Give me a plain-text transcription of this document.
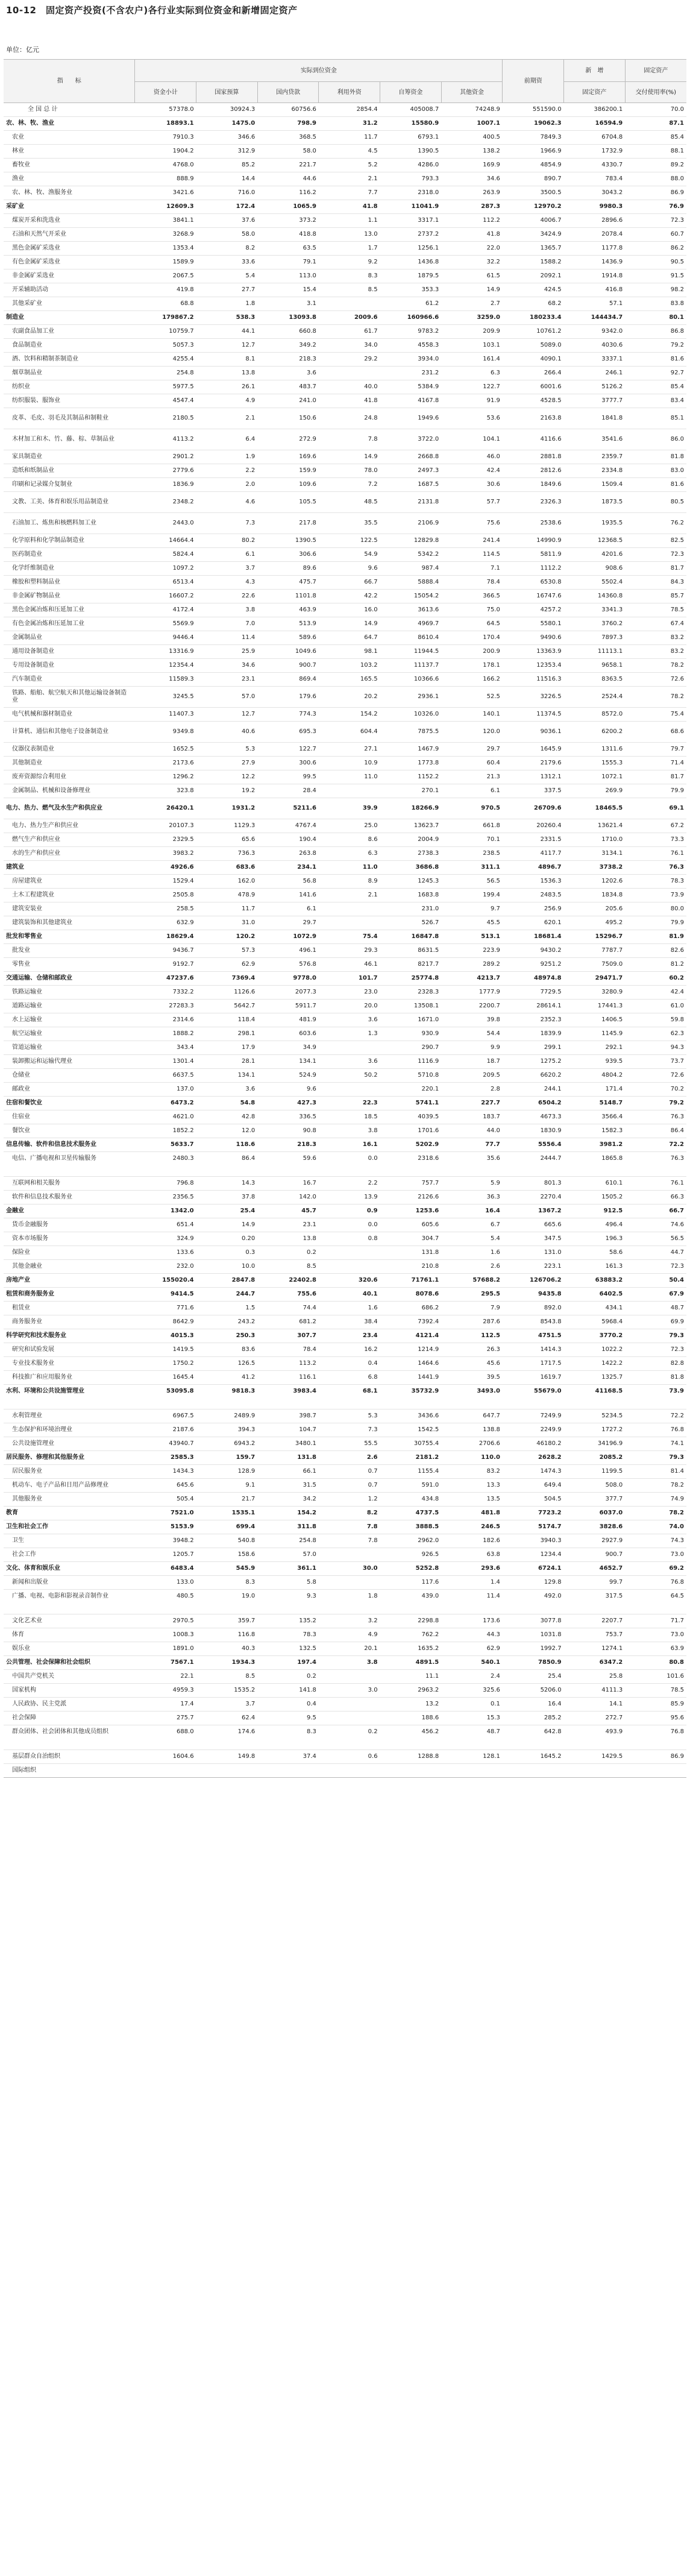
10-12　固定资产投资(不含农户)各行业实际到位资金和新增固定资产
单位：亿元
指　　标	实际到位资金						前期资	新　增	固定资产
	资金小计	国家预算	国内贷款	利用外资	自筹资金	其他资金		固定资产	交付使用率(%)
全 国 总 计	57378.0	30924.3	60756.6	2854.4	405008.7	74248.9	551590.0	386200.1	70.0
农、林、牧、渔业	18893.1	1475.0	798.9	31.2	15580.9	1007.1	19062.3	16594.9	87.1
农业	7910.3	346.6	368.5	11.7	6793.1	400.5	7849.3	6704.8	85.4
林业	1904.2	312.9	58.0	4.5	1390.5	138.2	1966.9	1732.9	88.1
畜牧业	4768.0	85.2	221.7	5.2	4286.0	169.9	4854.9	4330.7	89.2
渔业	888.9	14.4	44.6	2.1	793.3	34.6	890.7	783.4	88.0
农、林、牧、渔服务业	3421.6	716.0	116.2	7.7	2318.0	263.9	3500.5	3043.2	86.9
采矿业	12609.3	172.4	1065.9	41.8	11041.9	287.3	12970.2	9980.3	76.9
煤炭开采和洗选业	3841.1	37.6	373.2	1.1	3317.1	112.2	4006.7	2896.6	72.3
石油和天然气开采业	3268.9	58.0	418.8	13.0	2737.2	41.8	3424.9	2078.4	60.7
黑色金属矿采选业	1353.4	8.2	63.5	1.7	1256.1	22.0	1365.7	1177.8	86.2
有色金属矿采选业	1589.9	33.6	79.1	9.2	1436.8	32.2	1588.2	1436.9	90.5
非金属矿采选业	2067.5	5.4	113.0	8.3	1879.5	61.5	2092.1	1914.8	91.5
开采辅助活动	419.8	27.7	15.4	8.5	353.3	14.9	424.5	416.8	98.2
其他采矿业	68.8	1.8	3.1		61.2	2.7	68.2	57.1	83.8
制造业	179867.2	538.3	13093.8	2009.6	160966.6	3259.0	180233.4	144434.7	80.1
农副食品加工业	10759.7	44.1	660.8	61.7	9783.2	209.9	10761.2	9342.0	86.8
食品制造业	5057.3	12.7	349.2	34.0	4558.3	103.1	5089.0	4030.6	79.2
酒、饮料和精制茶制造业	4255.4	8.1	218.3	29.2	3934.0	161.4	4090.1	3337.1	81.6
烟草制品业	254.8	13.8	3.6		231.2	6.3	266.4	246.1	92.7
纺织业	5977.5	26.1	483.7	40.0	5384.9	122.7	6001.6	5126.2	85.4
纺织服装、服饰业	4547.4	4.9	241.0	41.8	4167.8	91.9	4528.5	3777.7	83.4
皮革、毛皮、羽毛及其制品和制鞋业	2180.5	2.1	150.6	24.8	1949.6	53.6	2163.8	1841.8	85.1
木材加工和木、竹、藤、棕、草制品业	4113.2	6.4	272.9	7.8	3722.0	104.1	4116.6	3541.6	86.0
家具制造业	2901.2	1.9	169.6	14.9	2668.8	46.0	2881.8	2359.7	81.8
造纸和纸制品业	2779.6	2.2	159.9	78.0	2497.3	42.4	2812.6	2334.8	83.0
印刷和记录媒介复制业	1836.9	2.0	109.6	7.2	1687.5	30.6	1849.6	1509.4	81.6
文教、工美、体育和娱乐用品制造业	2348.2	4.6	105.5	48.5	2131.8	57.7	2326.3	1873.5	80.5
石油加工、炼焦和核燃料加工业	2443.0	7.3	217.8	35.5	2106.9	75.6	2538.6	1935.5	76.2
化学原料和化学制品制造业	14664.4	80.2	1390.5	122.5	12829.8	241.4	14990.9	12368.5	82.5
医药制造业	5824.4	6.1	306.6	54.9	5342.2	114.5	5811.9	4201.6	72.3
化学纤维制造业	1097.2	3.7	89.6	9.6	987.4	7.1	1112.2	908.6	81.7
橡胶和塑料制品业	6513.4	4.3	475.7	66.7	5888.4	78.4	6530.8	5502.4	84.3
非金属矿物制品业	16607.2	22.6	1101.8	42.2	15054.2	366.5	16747.6	14360.8	85.7
黑色金属冶炼和压延加工业	4172.4	3.8	463.9	16.0	3613.6	75.0	4257.2	3341.3	78.5
有色金属冶炼和压延加工业	5569.9	7.0	513.9	14.9	4969.7	64.5	5580.1	3760.2	67.4
金属制品业	9446.4	11.4	589.6	64.7	8610.4	170.4	9490.6	7897.3	83.2
通用设备制造业	13316.9	25.9	1049.6	98.1	11944.5	200.9	13363.9	11113.1	83.2
专用设备制造业	12354.4	34.6	900.7	103.2	11137.7	178.1	12353.4	9658.1	78.2
汽车制造业	11589.3	23.1	869.4	165.5	10366.6	166.2	11516.3	8363.5	72.6
铁路、船舶、航空航天和其他运输设备制造业	3245.5	57.0	179.6	20.2	2936.1	52.5	3226.5	2524.4	78.2
电气机械和器材制造业	11407.3	12.7	774.3	154.2	10326.0	140.1	11374.5	8572.0	75.4
计算机、通信和其他电子设备制造业	9349.8	40.6	695.3	604.4	7875.5	120.0	9036.1	6200.2	68.6
仪器仪表制造业	1652.5	5.3	122.7	27.1	1467.9	29.7	1645.9	1311.6	79.7
其他制造业	2173.6	27.9	300.6	10.9	1773.8	60.4	2179.6	1555.3	71.4
废弃资源综合利用业	1296.2	12.2	99.5	11.0	1152.2	21.3	1312.1	1072.1	81.7
金属制品、机械和设备修理业	323.8	19.2	28.4		270.1	6.1	337.5	269.9	79.9
电力、热力、燃气及水生产和供应业	26420.1	1931.2	5211.6	39.9	18266.9	970.5	26709.6	18465.5	69.1
电力、热力生产和供应业	20107.3	1129.3	4767.4	25.0	13623.7	661.8	20260.4	13621.4	67.2
燃气生产和供应业	2329.5	65.6	190.4	8.6	2004.9	70.1	2331.5	1710.0	73.3
水的生产和供应业	3983.2	736.3	263.8	6.3	2738.3	238.5	4117.7	3134.1	76.1
建筑业	4926.6	683.6	234.1	11.0	3686.8	311.1	4896.7	3738.2	76.3
房屋建筑业	1529.4	162.0	56.8	8.9	1245.3	56.5	1536.3	1202.6	78.3
土木工程建筑业	2505.8	478.9	141.6	2.1	1683.8	199.4	2483.5	1834.8	73.9
建筑安装业	258.5	11.7	6.1		231.0	9.7	256.9	205.6	80.0
建筑装饰和其他建筑业	632.9	31.0	29.7		526.7	45.5	620.1	495.2	79.9
批发和零售业	18629.4	120.2	1072.9	75.4	16847.8	513.1	18681.4	15296.7	81.9
批发业	9436.7	57.3	496.1	29.3	8631.5	223.9	9430.2	7787.7	82.6
零售业	9192.7	62.9	576.8	46.1	8217.7	289.2	9251.2	7509.0	81.2
交通运输、仓储和邮政业	47237.6	7369.4	9778.0	101.7	25774.8	4213.7	48974.8	29471.7	60.2
铁路运输业	7332.2	1126.6	2077.3	23.0	2328.3	1777.9	7729.5	3280.9	42.4
道路运输业	27283.3	5642.7	5911.7	20.0	13508.1	2200.7	28614.1	17441.3	61.0
水上运输业	2314.6	118.4	481.9	3.6	1671.0	39.8	2352.3	1406.5	59.8
航空运输业	1888.2	298.1	603.6	1.3	930.9	54.4	1839.9	1145.9	62.3
管道运输业	343.4	17.9	34.9		290.7	9.9	299.1	292.1	94.3
装卸搬运和运输代理业	1301.4	28.1	134.1	3.6	1116.9	18.7	1275.2	939.5	73.7
仓储业	6637.5	134.1	524.9	50.2	5710.8	209.5	6620.2	4804.2	72.6
邮政业	137.0	3.6	9.6		220.1	2.8	244.1	171.4	70.2
住宿和餐饮业	6473.2	54.8	427.3	22.3	5741.1	227.7	6504.2	5148.7	79.2
住宿业	4621.0	42.8	336.5	18.5	4039.5	183.7	4673.3	3566.4	76.3
餐饮业	1852.2	12.0	90.8	3.8	1701.6	44.0	1830.9	1582.3	86.4
信息传输、软件和信息技术服务业	5633.7	118.6	218.3	16.1	5202.9	77.7	5556.4	3981.2	72.2
电信、广播电视和卫星传输服务	2480.3	86.4	59.6	0.0	2318.6	35.6	2444.7	1865.8	76.3

互联网和相关服务	796.8	14.3	16.7	2.2	757.7	5.9	801.3	610.1	76.1
软件和信息技术服务业	2356.5	37.8	142.0	13.9	2126.6	36.3	2270.4	1505.2	66.3
金融业	1342.0	25.4	45.7	0.9	1253.6	16.4	1367.2	912.5	66.7
货币金融服务	651.4	14.9	23.1	0.0	605.6	6.7	665.6	496.4	74.6
资本市场服务	324.9	0.20	13.8	0.8	304.7	5.4	347.5	196.3	56.5
保险业	133.6	0.3	0.2		131.8	1.6	131.0	58.6	44.7
其他金融业	232.0	10.0	8.5		210.8	2.6	223.1	161.3	72.3
房地产业	155020.4	2847.8	22402.8	320.6	71761.1	57688.2	126706.2	63883.2	50.4
租赁和商务服务业	9414.5	244.7	755.6	40.1	8078.6	295.5	9435.8	6402.5	67.9
租赁业	771.6	1.5	74.4	1.6	686.2	7.9	892.0	434.1	48.7
商务服务业	8642.9	243.2	681.2	38.4	7392.4	287.6	8543.8	5968.4	69.9
科学研究和技术服务业	4015.3	250.3	307.7	23.4	4121.4	112.5	4751.5	3770.2	79.3
研究和试验发展	1419.5	83.6	78.4	16.2	1214.9	26.3	1414.3	1022.2	72.3
专业技术服务业	1750.2	126.5	113.2	0.4	1464.6	45.6	1717.5	1422.2	82.8
科技推广和应用服务业	1645.4	41.2	116.1	6.8	1441.9	39.5	1619.7	1325.7	81.8
水利、环境和公共设施管理业	53095.8	9818.3	3983.4	68.1	35732.9	3493.0	55679.0	41168.5	73.9

水利管理业	6967.5	2489.9	398.7	5.3	3436.6	647.7	7249.9	5234.5	72.2
生态保护和环境治理业	2187.6	394.3	104.7	7.3	1542.5	138.8	2249.9	1727.2	76.8
公共设施管理业	43940.7	6943.2	3480.1	55.5	30755.4	2706.6	46180.2	34196.9	74.1
居民服务、修理和其他服务业	2585.3	159.7	131.8	2.6	2181.2	110.0	2628.2	2085.2	79.3
居民服务业	1434.3	128.9	66.1	0.7	1155.4	83.2	1474.3	1199.5	81.4
机动车、电子产品和日用产品修理业	645.6	9.1	31.5	0.7	591.0	13.3	649.4	508.0	78.2
其他服务业	505.4	21.7	34.2	1.2	434.8	13.5	504.5	377.7	74.9
教育	7521.0	1535.1	154.2	8.2	4737.5	481.8	7723.2	6037.0	78.2
卫生和社会工作	5153.9	699.4	311.8	7.8	3888.5	246.5	5174.7	3828.6	74.0
卫生	3948.2	540.8	254.8	7.8	2962.0	182.6	3940.3	2927.9	74.3
社会工作	1205.7	158.6	57.0		926.5	63.8	1234.4	900.7	73.0
文化、体育和娱乐业	6483.4	545.9	361.1	30.0	5252.8	293.6	6724.1	4652.7	69.2
新闻和出版业	133.0	8.3	5.8		117.6	1.4	129.8	99.7	76.8
广播、电视、电影和影视录音制作业	480.5	19.0	9.3	1.8	439.0	11.4	492.0	317.5	64.5

文化艺术业	2970.5	359.7	135.2	3.2	2298.8	173.6	3077.8	2207.7	71.7
体育	1008.3	116.8	78.3	4.9	762.2	44.3	1031.8	753.7	73.0
娱乐业	1891.0	40.3	132.5	20.1	1635.2	62.9	1992.7	1274.1	63.9
公共管理、社会保障和社会组织	7567.1	1934.3	197.4	3.8	4891.5	540.1	7850.9	6347.2	80.8
中国共产党机关	22.1	8.5	0.2		11.1	2.4	25.4	25.8	101.6
国家机构	4959.3	1535.2	141.8	3.0	2963.2	325.6	5206.0	4111.3	78.5
人民政协、民主党派	17.4	3.7	0.4		13.2	0.1	16.4	14.1	85.9
社会保障	275.7	62.4	9.5		188.6	15.3	285.2	272.7	95.6
群众团体、社会团体和其他成员组织	688.0	174.6	8.3	0.2	456.2	48.7	642.8	493.9	76.8

基层群众自治组织	1604.6	149.8	37.4	0.6	1288.8	128.1	1645.2	1429.5	86.9
国际组织									
